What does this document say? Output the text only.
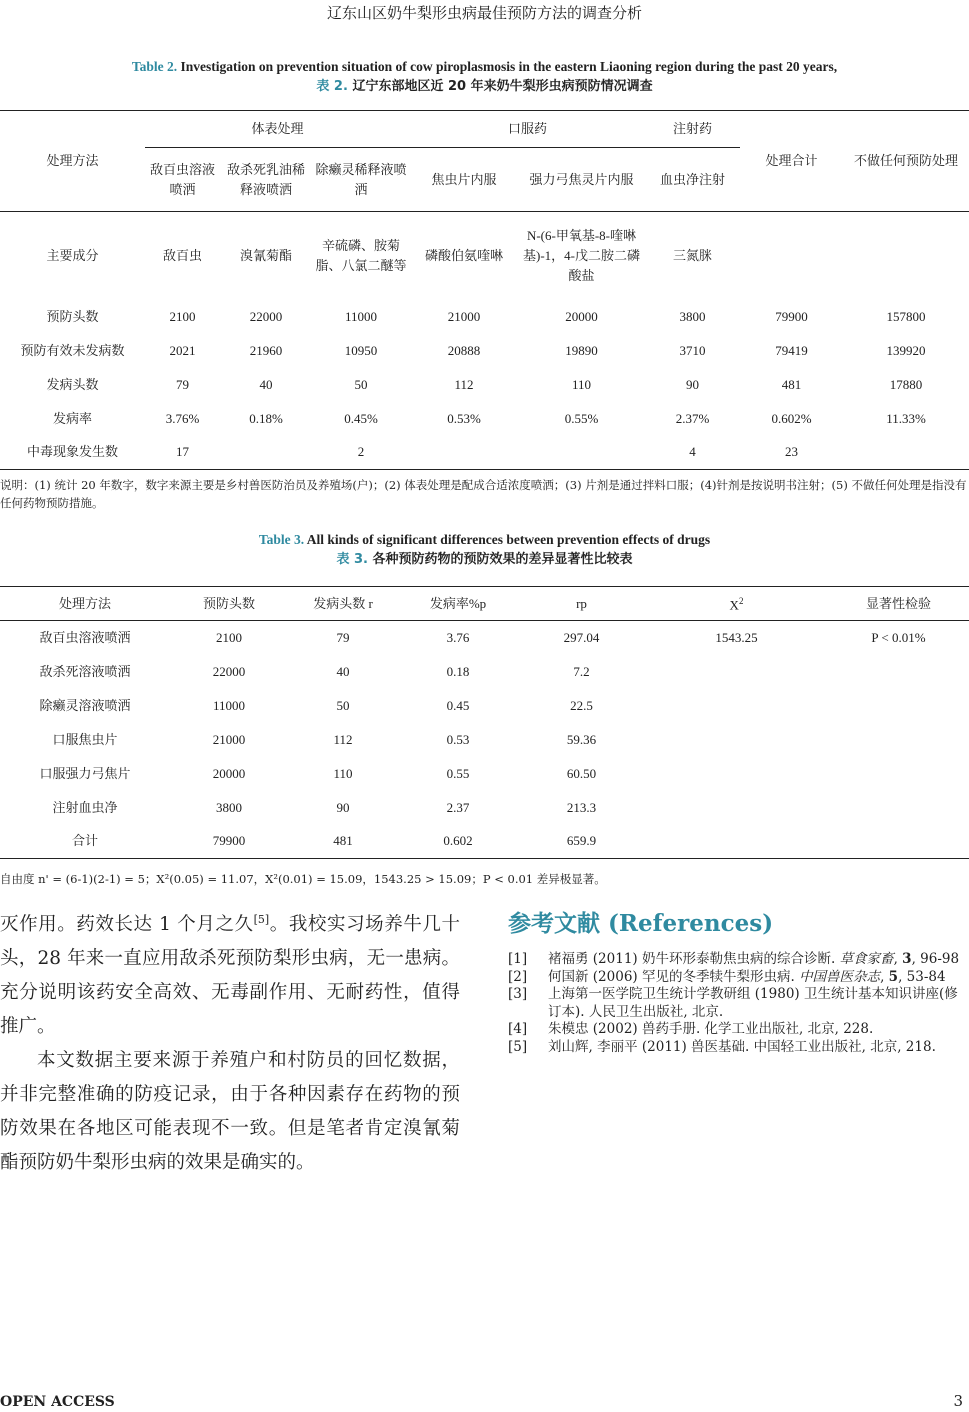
辽东山区奶牛梨形虫病最佳预防方法的调查分析
Table 2. Investigation on prevention situation of cow piroplasmosis in the eastern Liaoning region during the past 20 years,
表 2. 辽宁东部地区近 20 年来奶牛梨形虫病预防情况调查
处理方法	体表处理			口服药		注射药	处理合计	不做任何预防处理
	敌百虫溶液喷洒	敌杀死乳油稀释液喷洒	除癞灵稀释液喷洒	焦虫片内服	强力弓焦灵片内服	血虫净注射		
主要成分	敌百虫	溴氰菊酯	辛硫磷、胺菊脂、八氯二醚等	磷酸伯氨喹啉	N-(6-甲氧基-8-喹啉基)-1，4-戊二胺二磷酸盐	三氮脒		
预防头数	2100	22000	11000	21000	20000	3800	79900	157800
预防有效未发病数	2021	21960	10950	20888	19890	3710	79419	139920
发病头数	79	40	50	112	110	90	481	17880
发病率	3.76%	0.18%	0.45%	0.53%	0.55%	2.37%	0.602%	11.33%
中毒现象发生数	17		2			4	23	
说明：(1) 统计 20 年数字，数字来源主要是乡村兽医防治员及养殖场(户)；(2) 体表处理是配成合适浓度喷洒；(3) 片剂是通过拌料口服；(4)针剂是按说明书注射；(5) 不做任何处理是指没有任何药物预防措施。
Table 3. All kinds of significant differences between prevention effects of drugs
表 3. 各种预防药物的预防效果的差异显著性比较表
处理方法	预防头数	发病头数 r	发病率%p	rp	$X^2$	显著性检验
敌百虫溶液喷洒	2100	79	3.76	297.04	1543.25	P < 0.01%
敌杀死溶液喷洒	22000	40	0.18	7.2		
除癞灵溶液喷洒	11000	50	0.45	22.5		
口服焦虫片	21000	112	0.53	59.36		
口服强力弓焦片	20000	110	0.55	60.50		
注射血虫净	3800	90	2.37	213.3		
合计	79900	481	0.602	659.9		
自由度 n' = (6-1)(2-1) = 5；X²(0.05) = 11.07，X²(0.01) = 15.09，1543.25 > 15.09；P < 0.01 差异极显著。

灭作用。药效长达 1 个月之久[5]。我校实习场养牛几十头，28 年来一直应用敌杀死预防梨形虫病，无一患病。充分说明该药安全高效、无毒副作用、无耐药性，值得推广。

本文数据主要来源于养殖户和村防员的回忆数据，并非完整准确的防疫记录，由于各种因素存在药物的预防效果在各地区可能表现不一致。但是笔者肯定溴氰菊酯预防奶牛梨形虫病的效果是确实的。

参考文献 (References)
[1]	褚福勇 (2011) 奶牛环形泰勒焦虫病的综合诊断. 草食家畜, 3, 96-98
[2]	何国新 (2006) 罕见的冬季犊牛梨形虫病. 中国兽医杂志, 5, 53-84
[3]	上海第一医学院卫生统计学教研组 (1980) 卫生统计基本知识讲座(修订本). 人民卫生出版社, 北京.
[4]	朱模忠 (2002) 兽药手册. 化学工业出版社, 北京, 228.
[5]	刘山辉, 李丽平 (2011) 兽医基础. 中国轻工业出版社, 北京, 218.
OPEN ACCESS	3
